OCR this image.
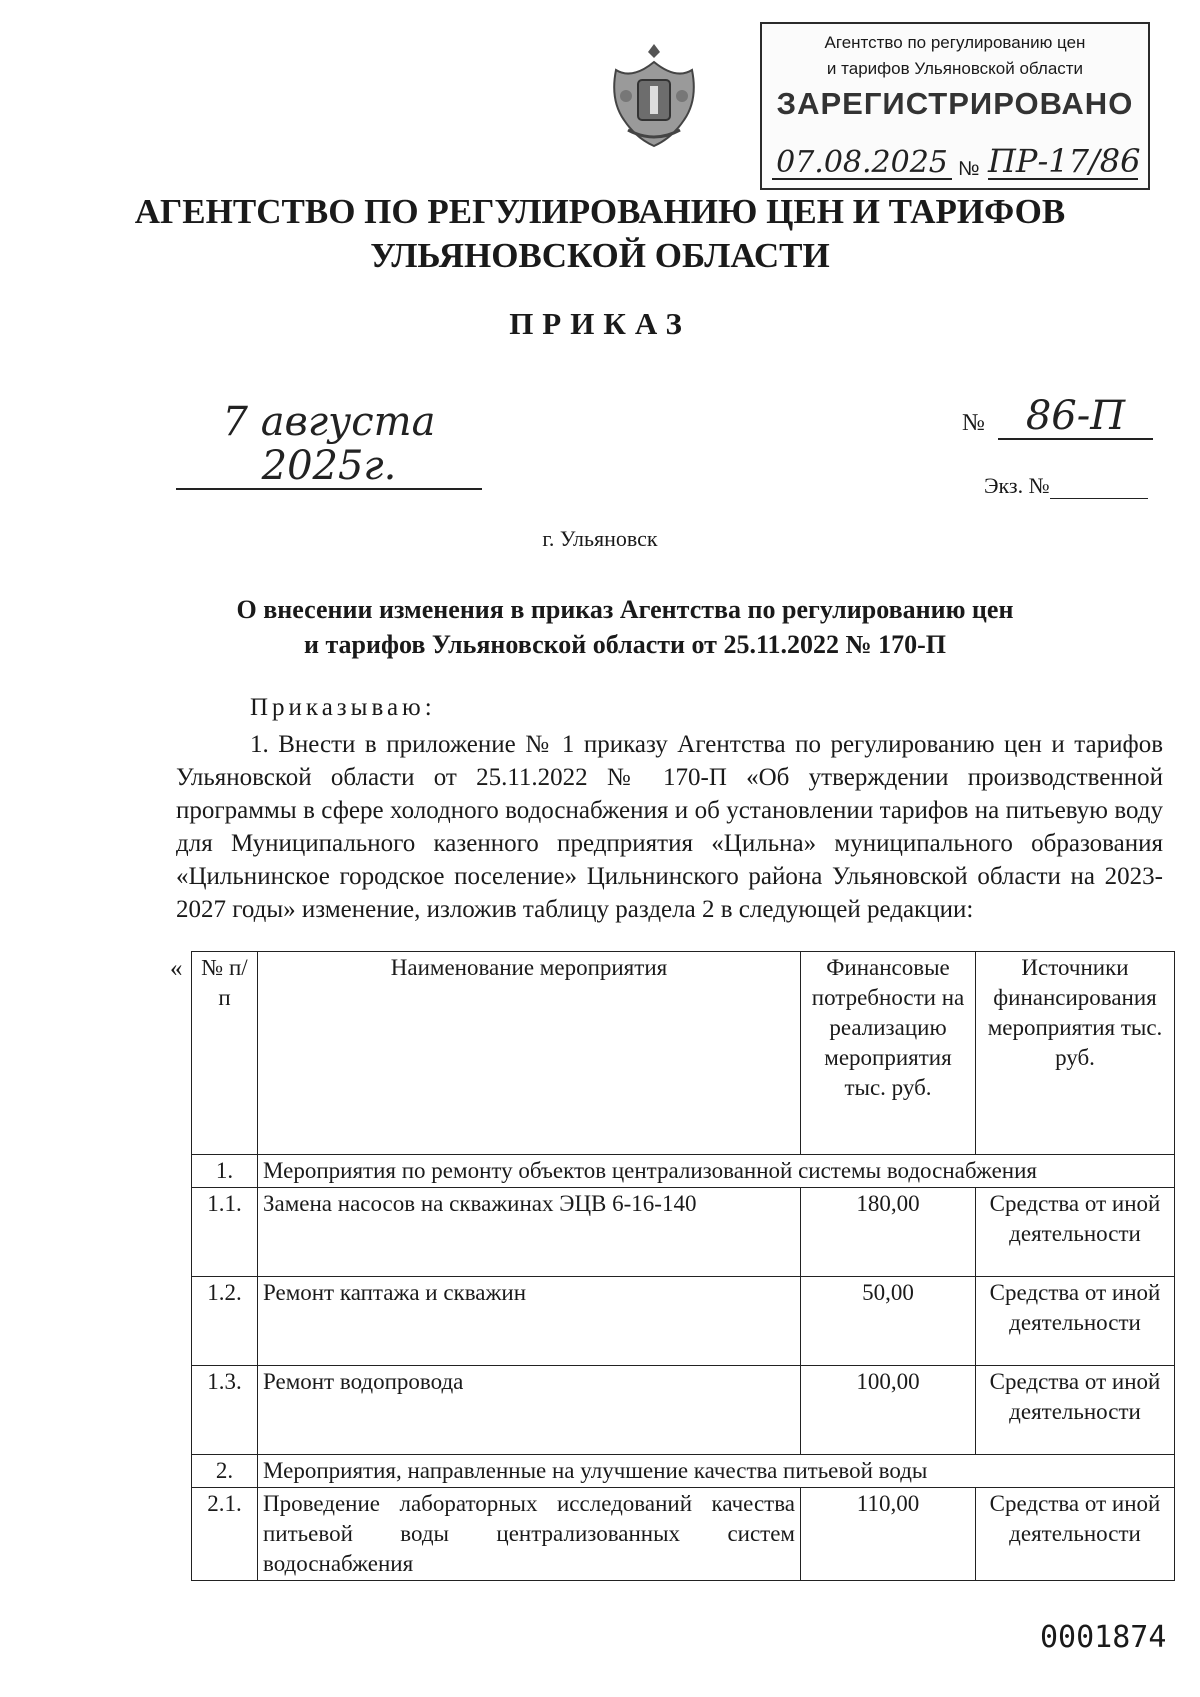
Агентство по регулированию цен
и тарифов Ульяновской области
ЗАРЕГИСТРИРОВАНО
07.08.2025 № ПР-17/86
АГЕНТСТВО ПО РЕГУЛИРОВАНИЮ ЦЕН И ТАРИФОВ
УЛЬЯНОВСКОЙ ОБЛАСТИ
ПРИКАЗ
7 августа 2025г.
№	86-П
Экз. №
г. Ульяновск
О внесении изменения в приказ Агентства по регулированию цен
и тарифов Ульяновской области от 25.11.2022 № 170-П
Приказываю:
1. Внести в приложение № 1 приказу Агентства по регулированию цен и тарифов Ульяновской области от 25.11.2022 № 170-П «Об утверждении производственной программы в сфере холодного водоснабжения и об установлении тарифов на питьевую воду для Муниципального казенного предприятия «Цильна» муниципального образования «Цильнинское городское поселение» Цильнинского района Ульяновской области на 2023-2027 годы» изменение, изложив таблицу раздела 2 в следующей редакции:
« № п/п	Наименование мероприятия	Финансовые потребности на реализацию мероприятия тыс. руб.	Источники финансирования мероприятия тыс. руб.
1.	Мероприятия по ремонту объектов централизованной системы водоснабжения		
1.1.	Замена насосов на скважинах ЭЦВ 6-16-140	180,00	Средства от иной деятельности
1.2.	Ремонт каптажа и скважин	50,00	Средства от иной деятельности
1.3.	Ремонт водопровода	100,00	Средства от иной деятельности
2.	Мероприятия, направленные на улучшение качества питьевой воды		
2.1.	Проведение лабораторных исследований качества питьевой воды централизованных систем водоснабжения	110,00	Средства от иной деятельности
0001874
